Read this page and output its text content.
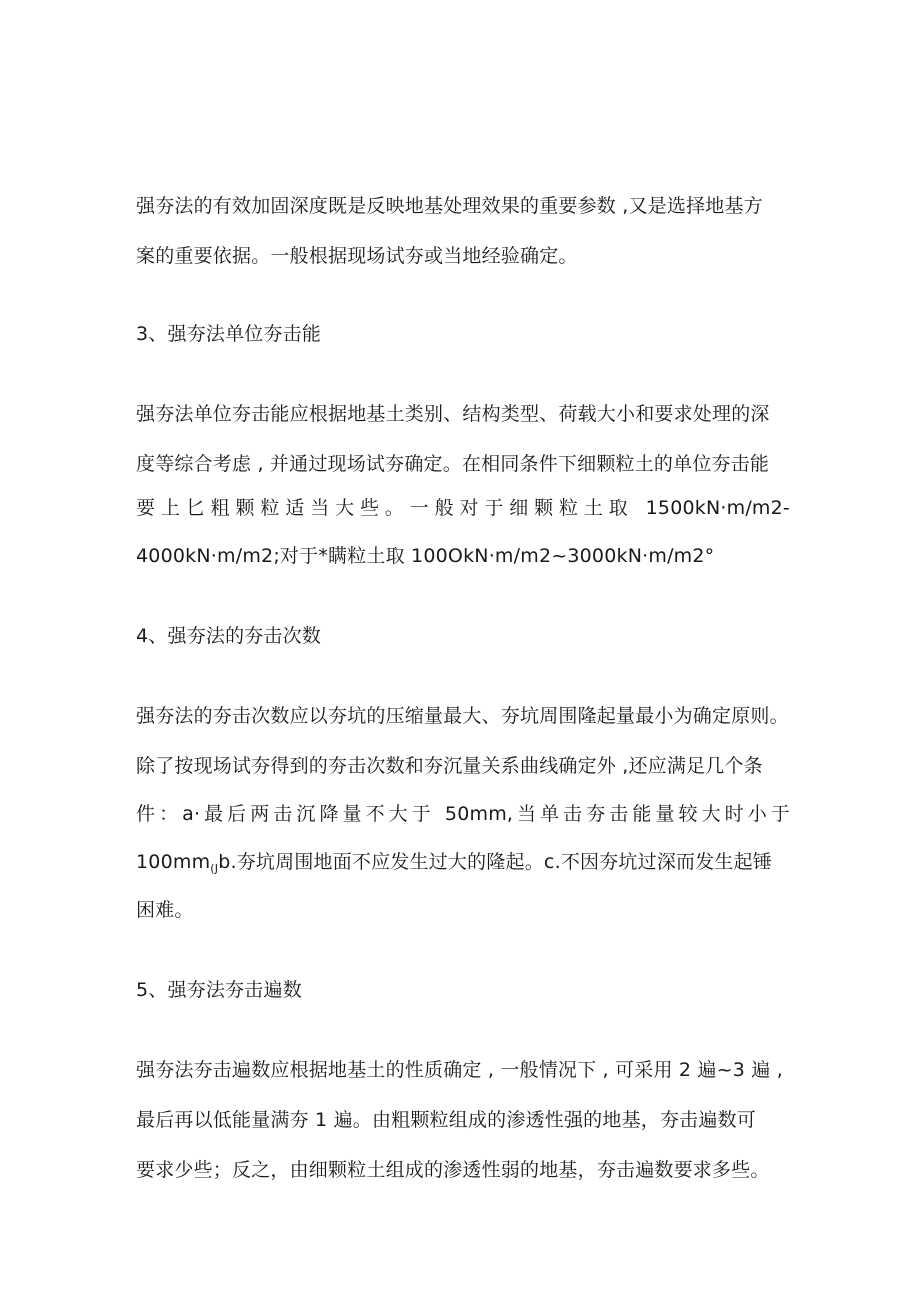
强夯法的有效加固深度既是反映地基处理效果的重要参数 ,又是选择地基方
案的重要依据。一般根据现场试夯或当地经验确定。
3、强夯法单位夯击能
强夯法单位夯击能应根据地基土类别、结构类型、荷载大小和要求处理的深
度等综合考虑 , 并通过现场试夯确定。在相同条件下细颗粒土的单位夯击能
要上匕粗颗粒适当大些。一般对于细颗粒土取 1500kN·m/m2-
4000kN·m∕m2;对于*瞒粒土取 100OkN·m∕m2~3000kN·m∕m2°
4、强夯法的夯击次数
强夯法的夯击次数应以夯坑的压缩量最大、夯坑周围隆起量最小为确定原则。
除了按现场试夯得到的夯击次数和夯沉量关系曲线确定外 ,还应满足几个条
件：a·最后两击沉降量不大于 50mm,当单击夯击能量较大时小于
$100mm_{(J}b$.夯坑周围地面不应发生过大的隆起。c.不因夯坑过深而发生起锤
困难。
5、强夯法夯击遍数
强夯法夯击遍数应根据地基土的性质确定 , 一般情况下 , 可采用 2 遍~3 遍 ,
最后再以低能量满夯 1 遍。由粗颗粒组成的渗透性强的地基，夯击遍数可
要求少些；反之，由细颗粒土组成的渗透性弱的地基，夯击遍数要求多些。
